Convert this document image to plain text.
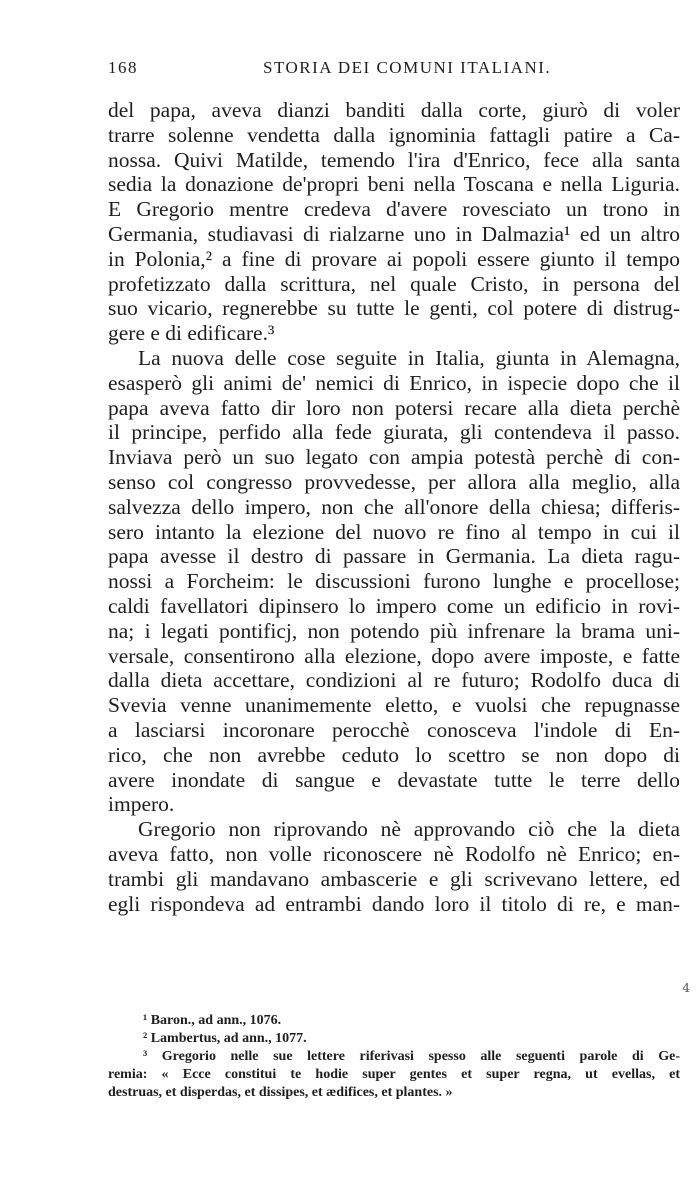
168	STORIA DEI COMUNI ITALIANI.
del papa, aveva dianzi banditi dalla corte, giurò di voler
trarre solenne vendetta dalla ignominia fattagli patire a Ca-
nossa. Quivi Matilde, temendo l'ira d'Enrico, fece alla santa
sedia la donazione de'propri beni nella Toscana e nella Liguria.
E Gregorio mentre credeva d'avere rovesciato un trono in
Germania, studiavasi di rialzarne uno in Dalmazia¹ ed un altro
in Polonia,² a fine di provare ai popoli essere giunto il tempo
profetizzato dalla scrittura, nel quale Cristo, in persona del
suo vicario, regnerebbe su tutte le genti, col potere di distrug-
gere e di edificare.³
La nuova delle cose seguite in Italia, giunta in Alemagna,
esasperò gli animi de' nemici di Enrico, in ispecie dopo che il
papa aveva fatto dir loro non potersi recare alla dieta perchè
il principe, perfido alla fede giurata, gli contendeva il passo.
Inviava però un suo legato con ampia potestà perchè di con-
senso col congresso provvedesse, per allora alla meglio, alla
salvezza dello impero, non che all'onore della chiesa; differis-
sero intanto la elezione del nuovo re fino al tempo in cui il
papa avesse il destro di passare in Germania. La dieta ragu-
nossi a Forcheim: le discussioni furono lunghe e procellose;
caldi favellatori dipinsero lo impero come un edificio in rovi-
na; i legati pontificj, non potendo più infrenare la brama uni-
versale, consentirono alla elezione, dopo avere imposte, e fatte
dalla dieta accettare, condizioni al re futuro; Rodolfo duca di
Svevia venne unanimemente eletto, e vuolsi che repugnasse
a lasciarsi incoronare perocchè conosceva l'indole di En-
rico, che non avrebbe ceduto lo scettro se non dopo di
avere inondate di sangue e devastate tutte le terre dello
impero.
Gregorio non riprovando nè approvando ciò che la dieta
aveva fatto, non volle riconoscere nè Rodolfo nè Enrico; en-
trambi gli mandavano ambascerie e gli scrivevano lettere, ed
egli rispondeva ad entrambi dando loro il titolo di re, e man-
4
¹ Baron., ad ann., 1076.
² Lambertus, ad ann., 1077.
³ Gregorio nelle sue lettere riferivasi spesso alle seguenti parole di Ge-
remia: « Ecce constitui te hodie super gentes et super regna, ut evellas, et
destruas, et disperdas, et dissipes, et ædifices, et plantes. »
